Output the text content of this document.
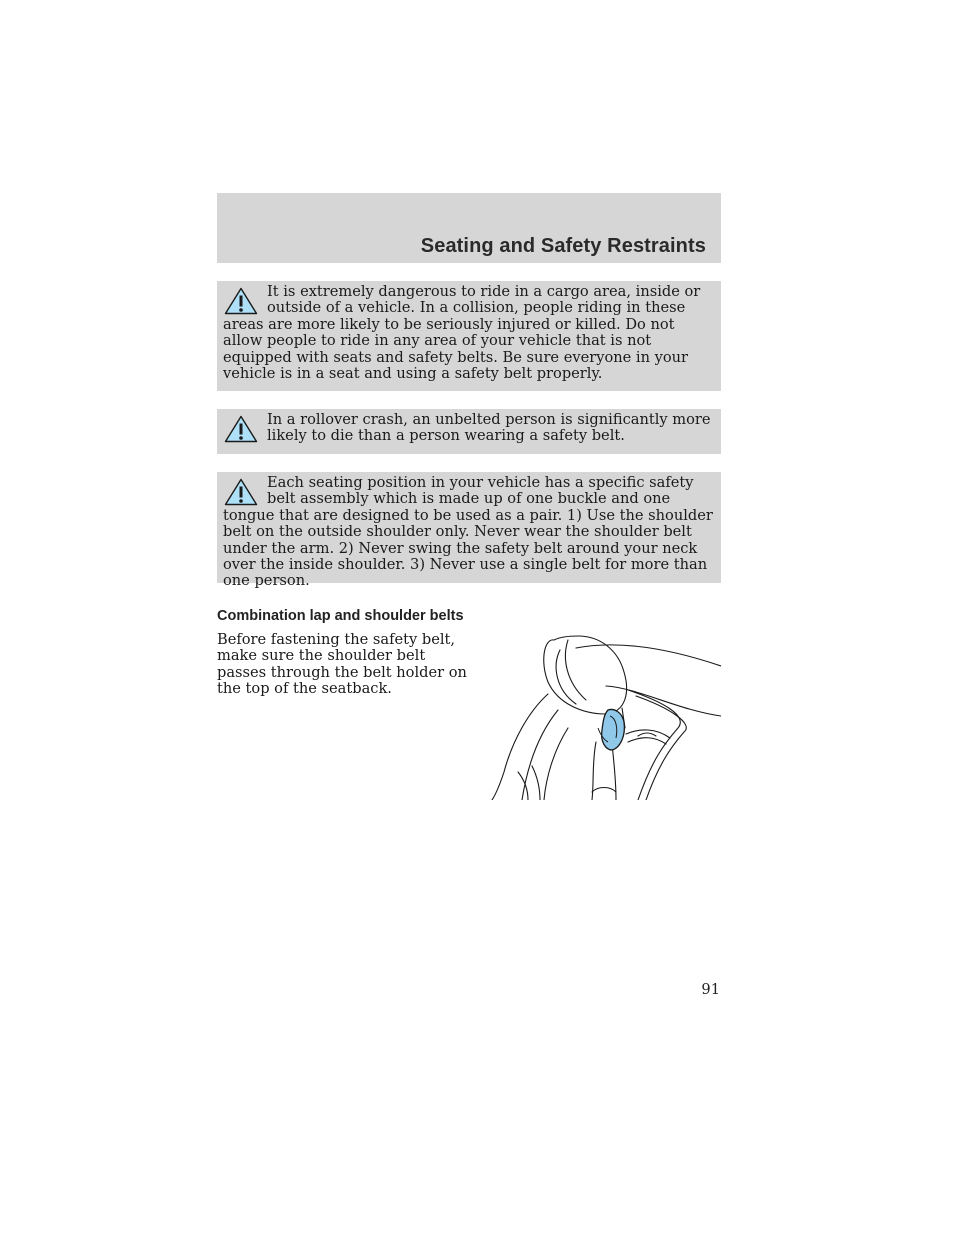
Seating and Safety Restraints

It is extremely dangerous to ride in a cargo area, inside or outside of a vehicle. In a collision, people riding in these areas are more likely to be seriously injured or killed. Do not allow people to ride in any area of your vehicle that is not equipped with seats and safety belts. Be sure everyone in your vehicle is in a seat and using a safety belt properly.

In a rollover crash, an unbelted person is significantly more likely to die than a person wearing a safety belt.

Each seating position in your vehicle has a specific safety belt assembly which is made up of one buckle and one tongue that are designed to be used as a pair. 1) Use the shoulder belt on the outside shoulder only. Never wear the shoulder belt under the arm. 2) Never swing the safety belt around your neck over the inside shoulder. 3) Never use a single belt for more than one person.

Combination lap and shoulder belts

Before fastening the safety belt, make sure the shoulder belt passes through the belt holder on the top of the seatback.

91
